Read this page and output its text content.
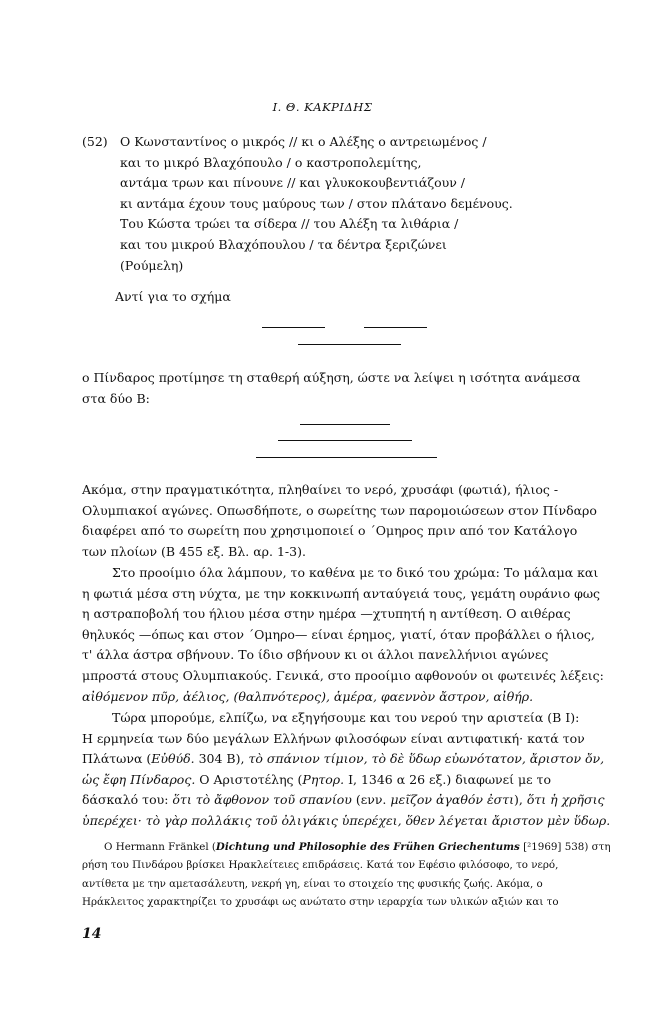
Ι. Θ. ΚΑΚΡΙΔΗΣ
(52) Ο Κωνσταντίνος ο μικρός // κι ο Αλέξης ο αντρειωμένος /
και το μικρό Βλαχόπουλο / ο καστροπολεμίτης,
αντάμα τρων και πίνουνε // και γλυκοκουβεντιάζουν /
κι αντάμα έχουν τους μαύρους των / στον πλάτανο δεμένους.
Του Κώστα τρώει τα σίδερα // του Αλέξη τα λιθάρια /
και του μικρού Βλαχόπουλου / τα δέντρα ξεριζώνει
(Ρούμελη)
Αντί για το σχήμα
ο Πίνδαρος προτίμησε τη σταθερή αύξηση, ώστε να λείψει η ισότητα ανάμεσα
στα δύο Β:
Ακόμα, στην πραγματικότητα, πληθαίνει το νερό, χρυσάφι (φωτιά), ήλιος -
Ολυμπιακοί αγώνες. Οπωσδήποτε, ο σωρείτης των παρομοιώσεων στον Πίνδαρο
διαφέρει από το σωρείτη που χρησιμοποιεί ο ΄Ομηρος πριν από τον Κατάλογο
των πλοίων (Β 455 εξ. Βλ. αρ. 1-3).
Στο προοίμιο όλα λάμπουν, το καθένα με το δικό του χρώμα: Το μάλαμα και
η φωτιά μέσα στη νύχτα, με την κοκκινωπή ανταύγειά τους, γεμάτη ουράνιο φως
η αστραποβολή του ήλιου μέσα στην ημέρα —χτυπητή η αντίθεση. Ο αιθέρας
θηλυκός —όπως και στον ΄Ομηρο— είναι έρημος, γιατί, όταν προβάλλει ο ήλιος,
τ' άλλα άστρα σβήνουν. Το ίδιο σβήνουν κι οι άλλοι πανελλήνιοι αγώνες
μπροστά στους Ολυμπιακούς. Γενικά, στο προοίμιο αφθονούν οι φωτεινές λέξεις:
αἰθόμενον πῦρ, ἀέλιος, (θαλπνότερος), ἁμέρα, φαεννὸν ἄστρον, αἰθήρ.
Τώρα μπορούμε, ελπίζω, να εξηγήσουμε και του νερού την αριστεία (Β Ι):
Η ερμηνεία των δύο μεγάλων Ελλήνων φιλοσόφων είναι αντιφατική· κατά τον
Πλάτωνα (Εὐθύδ. 304 Β), τὸ σπάνιον τίμιον, τὸ δὲ ὕδωρ εὐωνότατον, ἄριστον ὄν,
ὡς ἔφη Πίνδαρος. Ο Αριστοτέλης (Ρητορ. Ι, 1346 α 26 εξ.) διαφωνεί με το
δάσκαλό του: ὅτι τὸ ἄφθονον τοῦ σπανίου (ενν. μεῖζον ἀγαθόν ἐστι), ὅτι ἡ χρῆσις
ὑπερέχει· τὸ γὰρ πολλάκις τοῦ ὀλιγάκις ὑπερέχει, ὅθεν λέγεται ἄριστον μὲν ὕδωρ.
Ο Hermann Fränkel (Dichtung und Philosophie des Frühen Griechentums [²1969] 538) στη
ρήση του Πινδάρου βρίσκει Ηρακλείτειες επιδράσεις. Κατά τον Εφέσιο φιλόσοφο, το νερό,
αντίθετα με την αμετασάλευτη, νεκρή γη, είναι το στοιχείο της φυσικής ζωής. Ακόμα, ο
Ηράκλειτος χαρακτηρίζει το χρυσάφι ως ανώτατο στην ιεραρχία των υλικών αξιών και το
14
